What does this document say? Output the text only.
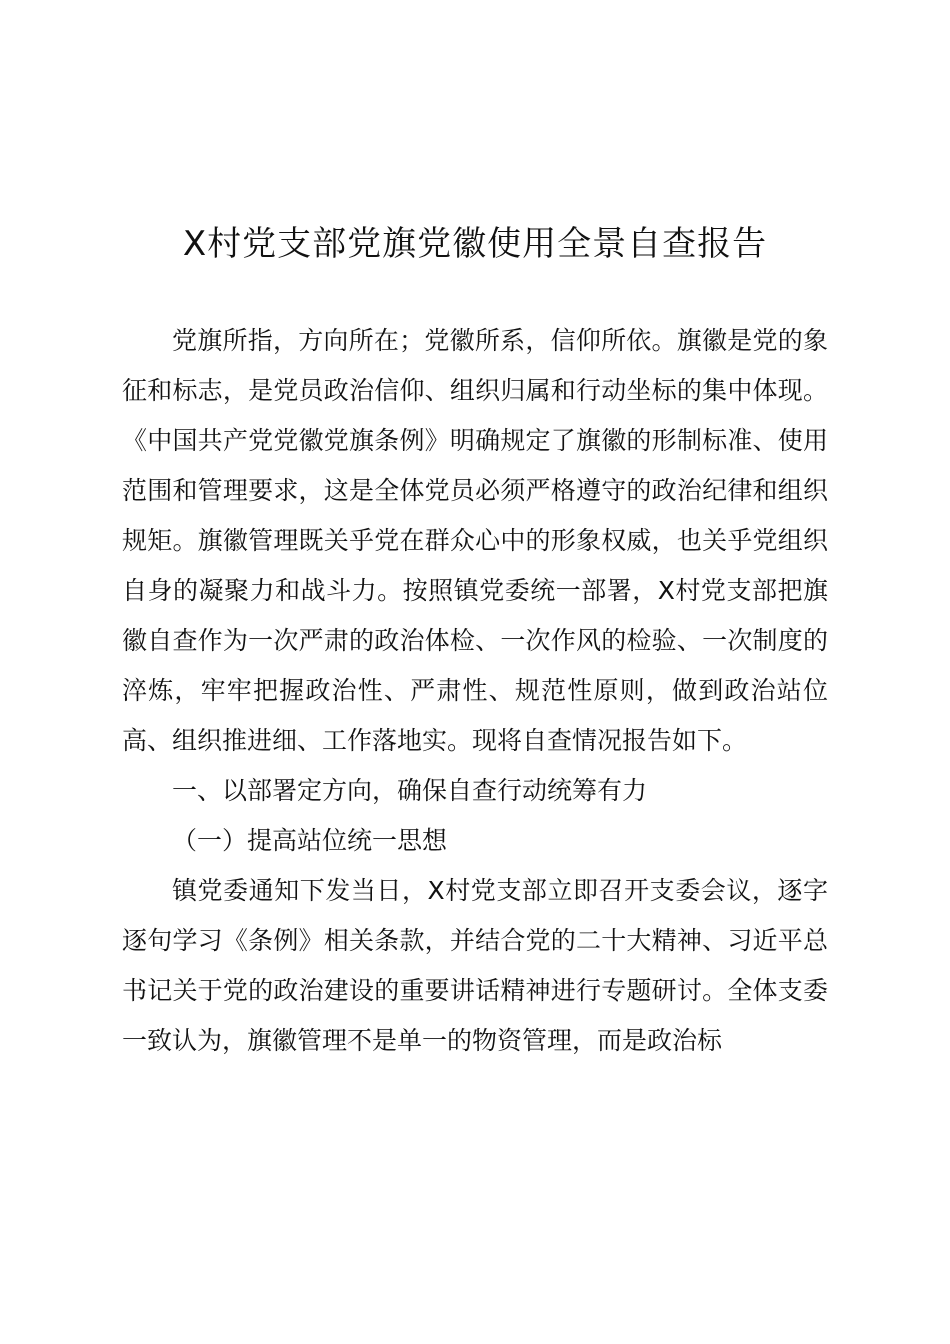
X村党支部党旗党徽使用全景自查报告

党旗所指，方向所在；党徽所系，信仰所依。旗徽是党的象征和标志，是党员政治信仰、组织归属和行动坐标的集中体现。《中国共产党党徽党旗条例》明确规定了旗徽的形制标准、使用范围和管理要求，这是全体党员必须严格遵守的政治纪律和组织规矩。旗徽管理既关乎党在群众心中的形象权威，也关乎党组织自身的凝聚力和战斗力。按照镇党委统一部署，X村党支部把旗徽自查作为一次严肃的政治体检、一次作风的检验、一次制度的淬炼，牢牢把握政治性、严肃性、规范性原则，做到政治站位高、组织推进细、工作落地实。现将自查情况报告如下。

一、以部署定方向，确保自查行动统筹有力

（一）提高站位统一思想

镇党委通知下发当日，X村党支部立即召开支委会议，逐字逐句学习《条例》相关条款，并结合党的二十大精神、习近平总书记关于党的政治建设的重要讲话精神进行专题研讨。全体支委一致认为，旗徽管理不是单一的物资管理，而是政治标
